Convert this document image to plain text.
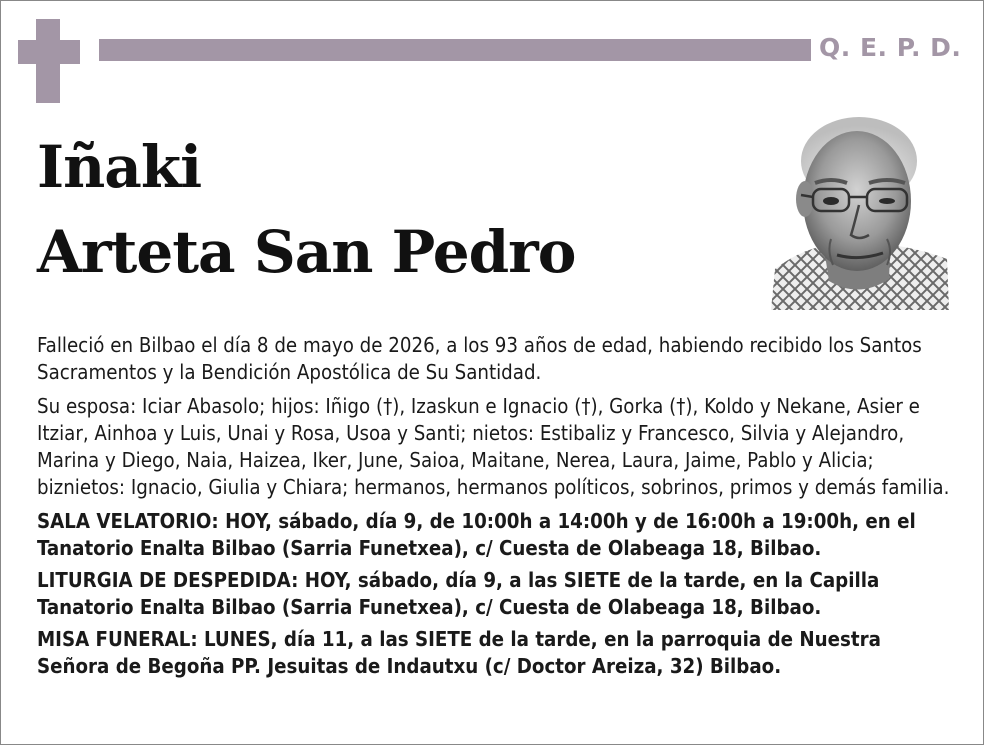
Q. E. P. D.
Iñaki
Arteta San Pedro

Falleció en Bilbao el día 8 de mayo de 2026, a los 93 años de edad, habiendo recibido los Santos Sacramentos y la Bendición Apostólica de Su Santidad.

Su esposa: Iciar Abasolo; hijos: Iñigo (†), Izaskun e Ignacio (†), Gorka (†), Koldo y Nekane, Asier e Itziar, Ainhoa y Luis, Unai y Rosa, Usoa y Santi; nietos: Estibaliz y Francesco, Silvia y Alejandro, Marina y Diego, Naia, Haizea, Iker, June, Saioa, Maitane, Nerea, Laura, Jaime, Pablo y Alicia; biznietos: Ignacio, Giulia y Chiara; hermanos, hermanos políticos, sobrinos, primos y demás familia.

SALA VELATORIO: HOY, sábado, día 9, de 10:00h a 14:00h y de 16:00h a 19:00h, en el Tanatorio Enalta Bilbao (Sarria Funetxea), c/ Cuesta de Olabeaga 18, Bilbao.

LITURGIA DE DESPEDIDA: HOY, sábado, día 9, a las SIETE de la tarde, en la Capilla Tanatorio Enalta Bilbao (Sarria Funetxea), c/ Cuesta de Olabeaga 18, Bilbao.

MISA FUNERAL: LUNES, día 11, a las SIETE de la tarde, en la parroquia de Nuestra Señora de Begoña PP. Jesuitas de Indautxu (c/ Doctor Areiza, 32) Bilbao.
